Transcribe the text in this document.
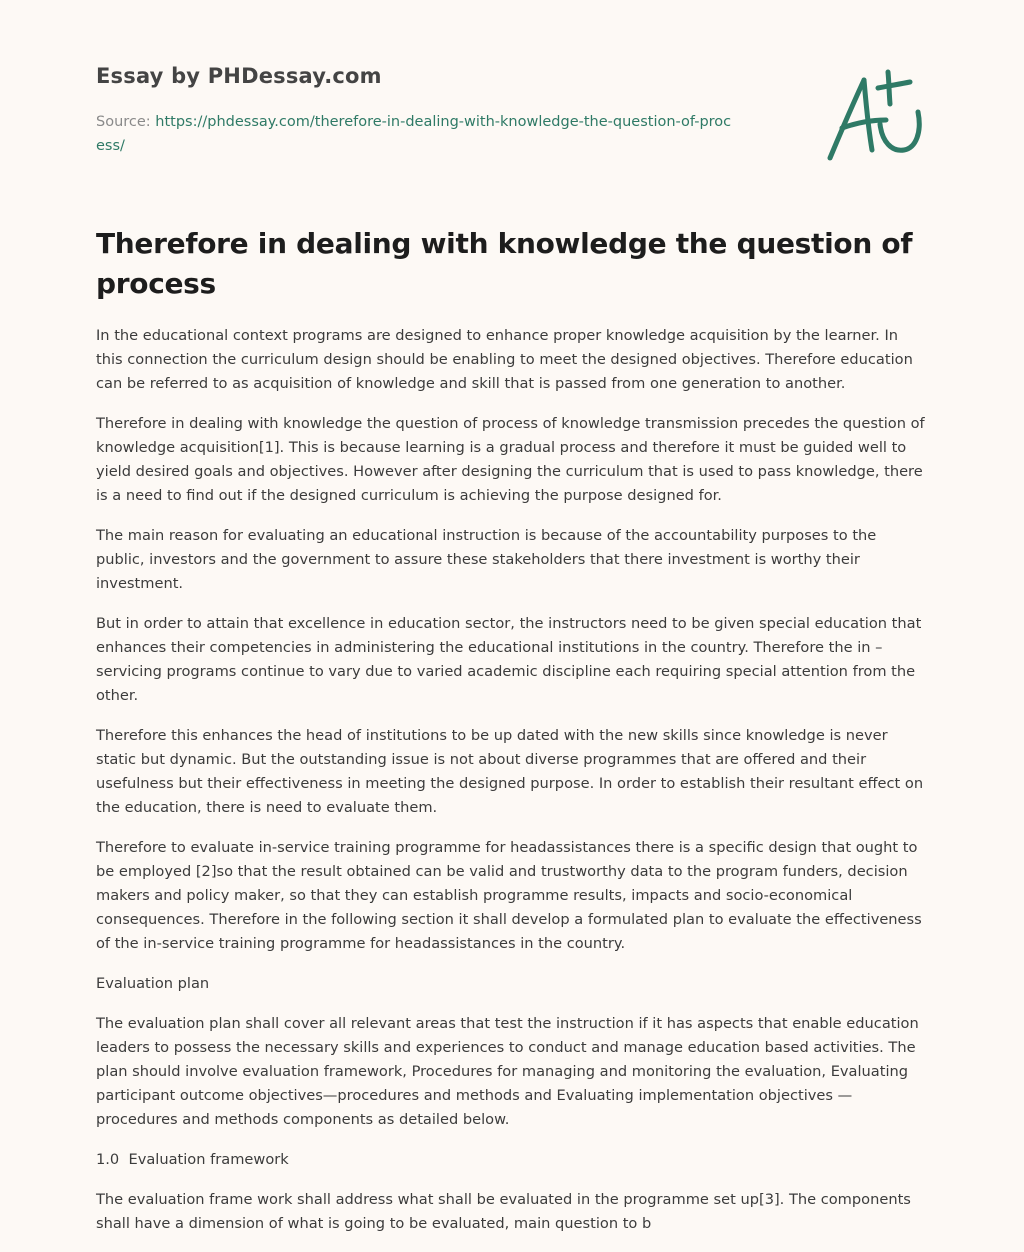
Essay by PHDessay.com
Source: https://phdessay.com/therefore-in-dealing-with-knowledge-the-question-of-process/
Therefore in dealing with knowledge the question of process

In the educational context programs are designed to enhance proper knowledge acquisition by the learner. In this connection the curriculum design should be enabling to meet the designed objectives. Therefore education can be referred to as acquisition of knowledge and skill that is passed from one generation to another.

Therefore in dealing with knowledge the question of process of knowledge transmission precedes the question of knowledge acquisition[1]. This is because learning is a gradual process and therefore it must be guided well to yield desired goals and objectives. However after designing the curriculum that is used to pass knowledge, there is a need to find out if the designed curriculum is achieving the purpose designed for.

The main reason for evaluating an educational instruction is because of the accountability purposes to the public, investors and the government to assure these stakeholders that there investment is worthy their investment.

But in order to attain that excellence in education sector, the instructors need to be given special education that enhances their competencies in administering the educational institutions in the country. Therefore the in –servicing programs continue to vary due to varied academic discipline each requiring special attention from the other.

Therefore this enhances the head of institutions to be up dated with the new skills since knowledge is never static but dynamic. But the outstanding issue is not about diverse programmes that are offered and their usefulness but their effectiveness in meeting the designed purpose. In order to establish their resultant effect on the education, there is need to evaluate them.

Therefore to evaluate in-service training programme for headassistances there is a specific design that ought to be employed [2]so that the result obtained can be valid and trustworthy data to the program funders, decision makers and policy maker, so that they can establish programme results, impacts and socio-economical consequences. Therefore in the following section it shall develop a formulated plan to evaluate the effectiveness of the in-service training programme for headassistances in the country.

Evaluation plan

The evaluation plan shall cover all relevant areas that test the instruction if it has aspects that enable education leaders to possess the necessary skills and experiences to conduct and manage education based activities. The plan should involve evaluation framework, Procedures for managing and monitoring the evaluation, Evaluating participant outcome objectives—procedures and methods and Evaluating implementation objectives — procedures and methods components as detailed below.

1.0  Evaluation framework

The evaluation frame work shall address what shall be evaluated in the programme set up[3]. The components shall have a dimension of what is going to be evaluated, main question to b
